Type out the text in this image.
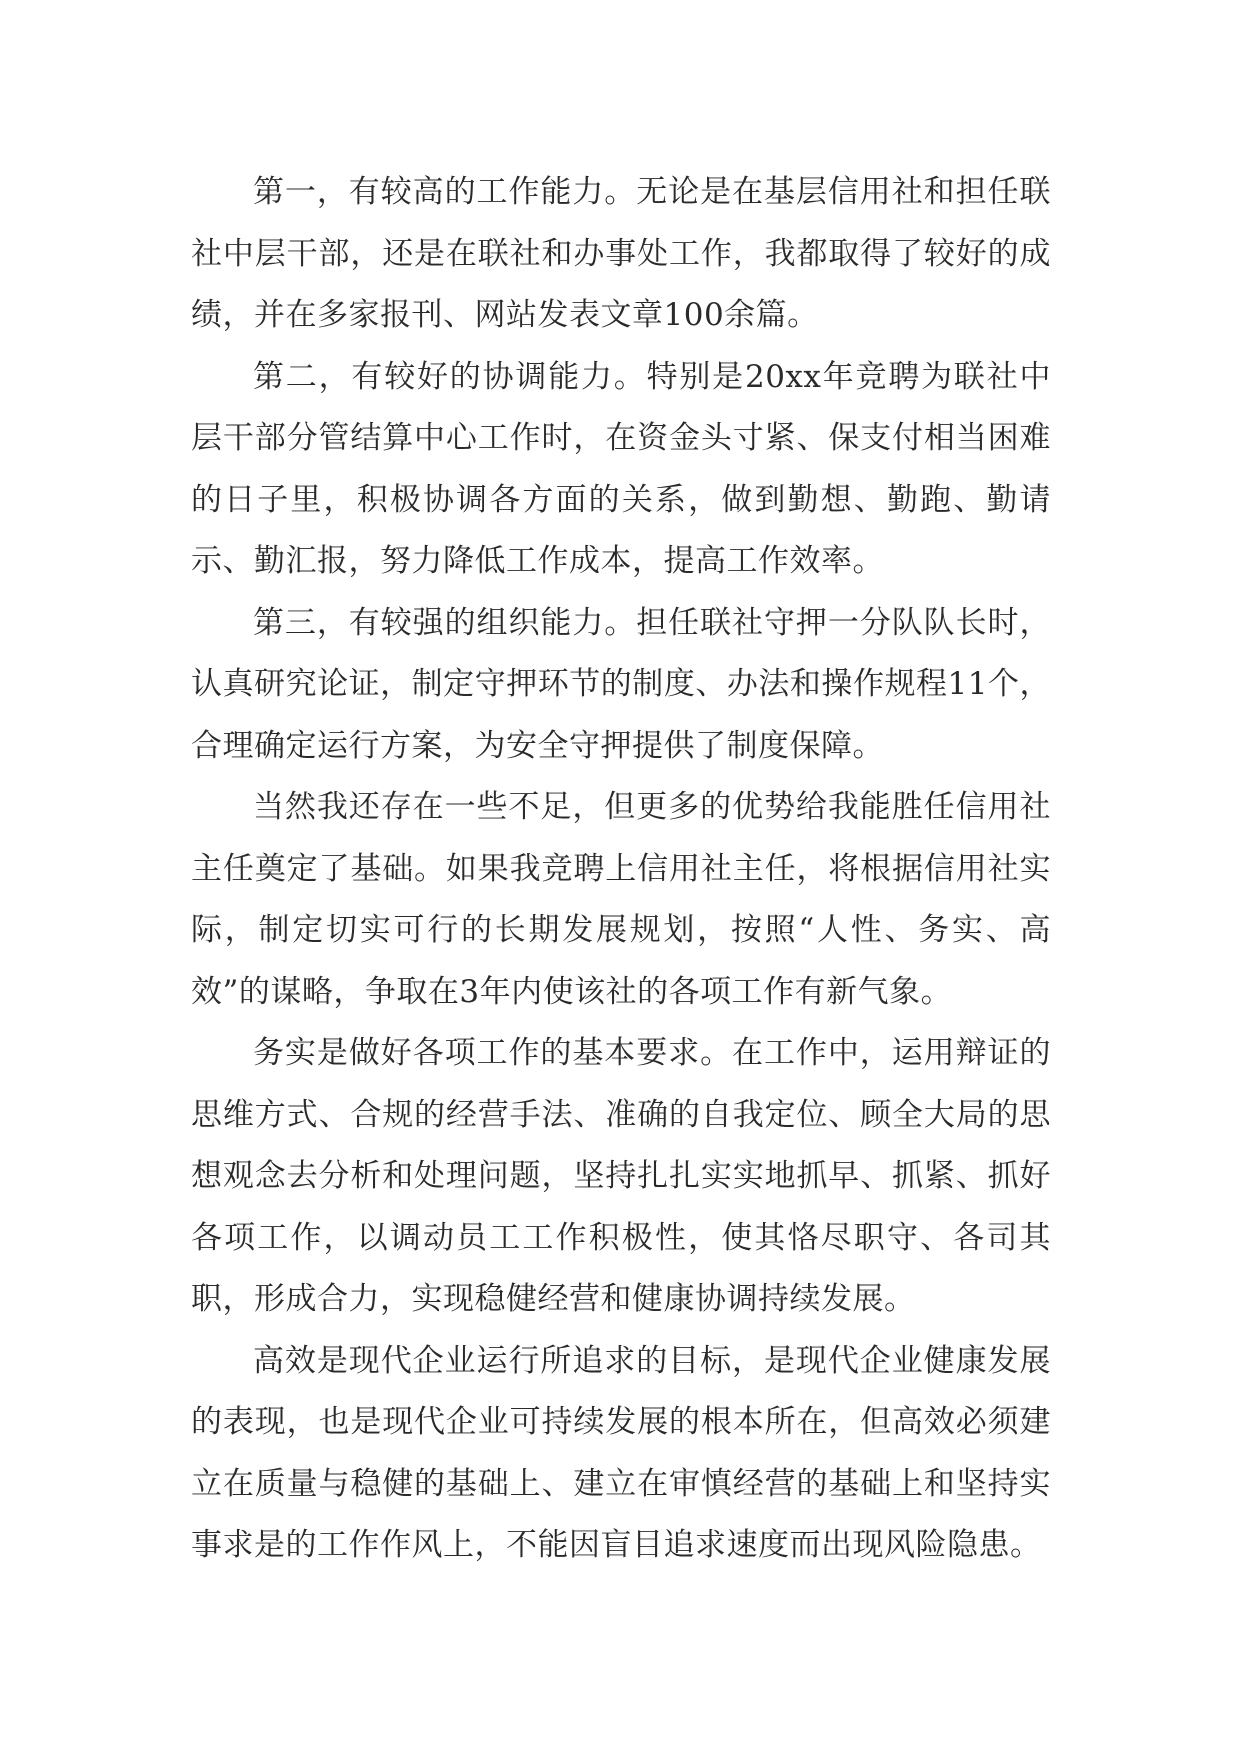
第一，有较高的工作能力。无论是在基层信用社和担任联社中层干部，还是在联社和办事处工作，我都取得了较好的成绩，并在多家报刊、网站发表文章100余篇。

第二，有较好的协调能力。特别是20xx年竞聘为联社中层干部分管结算中心工作时，在资金头寸紧、保支付相当困难的日子里，积极协调各方面的关系，做到勤想、勤跑、勤请示、勤汇报，努力降低工作成本，提高工作效率。

第三，有较强的组织能力。担任联社守押一分队队长时，认真研究论证，制定守押环节的制度、办法和操作规程11个，合理确定运行方案，为安全守押提供了制度保障。

当然我还存在一些不足，但更多的优势给我能胜任信用社主任奠定了基础。如果我竞聘上信用社主任，将根据信用社实际，制定切实可行的长期发展规划，按照“人性、务实、高效”的谋略，争取在3年内使该社的各项工作有新气象。

务实是做好各项工作的基本要求。在工作中，运用辩证的思维方式、合规的经营手法、准确的自我定位、顾全大局的思想观念去分析和处理问题，坚持扎扎实实地抓早、抓紧、抓好各项工作，以调动员工工作积极性，使其恪尽职守、各司其职，形成合力，实现稳健经营和健康协调持续发展。

高效是现代企业运行所追求的目标，是现代企业健康发展的表现，也是现代企业可持续发展的根本所在，但高效必须建立在质量与稳健的基础上、建立在审慎经营的基础上和坚持实事求是的工作作风上，不能因盲目追求速度而出现风险隐患。
